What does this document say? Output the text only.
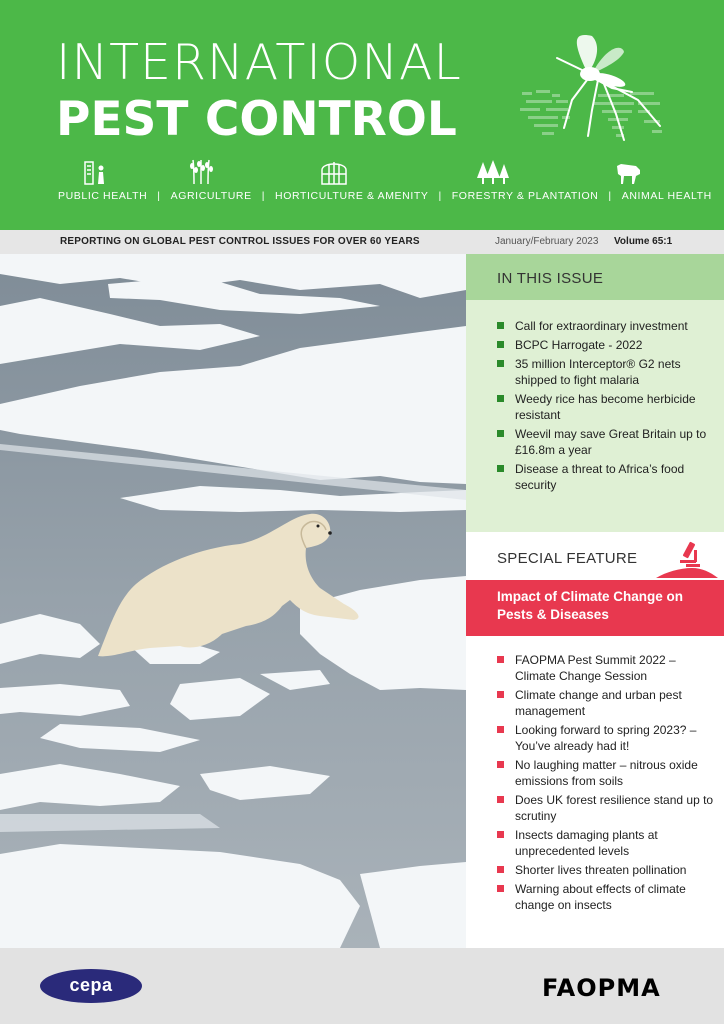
INTERNATIONAL
PEST CONTROL
PUBLIC HEALTH | AGRICULTURE | HORTICULTURE & AMENITY | FORESTRY & PLANTATION | ANIMAL HEALTH
REPORTING ON GLOBAL PEST CONTROL ISSUES FOR OVER 60 YEARS	January/February 2023 Volume 65:1
IN THIS ISSUE
Call for extraordinary investment
BCPC Harrogate - 2022
35 million Interceptor® G2 nets shipped to fight malaria
Weedy rice has become herbicide resistant
Weevil may save Great Britain up to £16.8m a year
Disease a threat to Africa’s food security
SPECIAL FEATURE
Impact of Climate Change on Pests & Diseases
FAOPMA Pest Summit 2022 – Climate Change Session
Climate change and urban pest management
Looking forward to spring 2023? – You’ve already had it!
No laughing matter – nitrous oxide emissions from soils
Does UK forest resilience stand up to scrutiny
Insects damaging plants at unprecedented levels
Shorter lives threaten pollination
Warning about effects of climate change on insects
cepa	FAOPMA
